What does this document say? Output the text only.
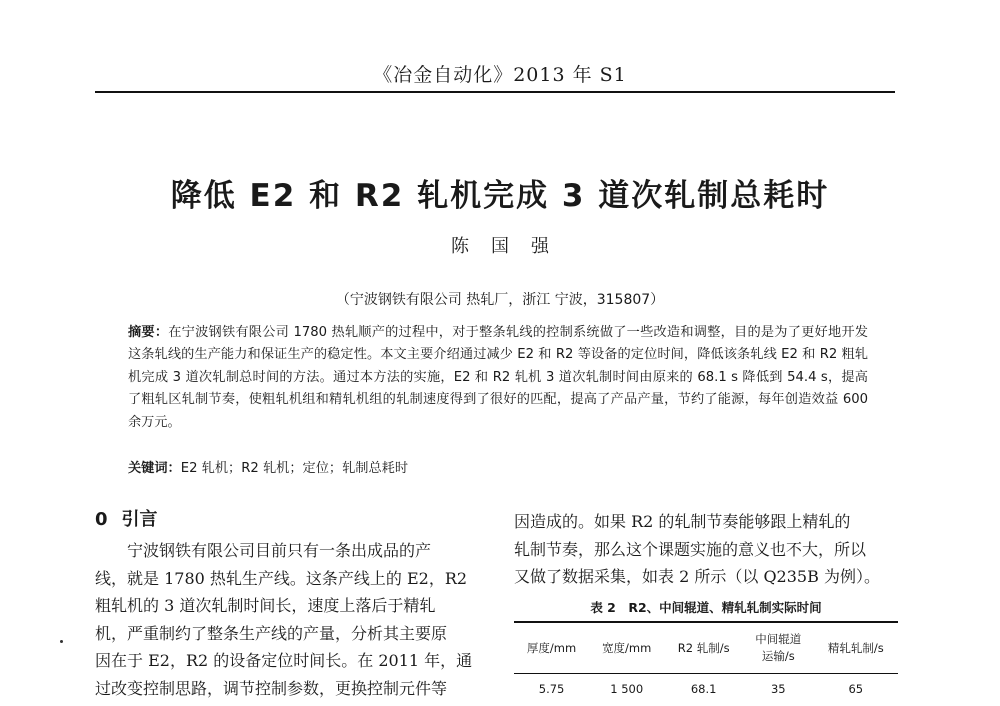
《冶金自动化》2013 年 S1
降低 E2 和 R2 轧机完成 3 道次轧制总耗时
陈国强
（宁波钢铁有限公司 热轧厂，浙江 宁波，315807）
摘要：在宁波钢铁有限公司 1780 热轧顺产的过程中，对于整条轧线的控制系统做了一些改造和调整，目的是为了更好地开发这条轧线的生产能力和保证生产的稳定性。本文主要介绍通过减少 E2 和 R2 等设备的定位时间，降低该条轧线 E2 和 R2 粗轧机完成 3 道次轧制总时间的方法。通过本方法的实施，E2 和 R2 轧机 3 道次轧制时间由原来的 68.1 s 降低到 54.4 s，提高了粗轧区轧制节奏，使粗轧机组和精轧机组的轧制速度得到了很好的匹配，提高了产品产量，节约了能源，每年创造效益 600 余万元。
关键词：E2 轧机；R2 轧机；定位；轧制总耗时
0 引言
宁波钢铁有限公司目前只有一条出成品的产
线，就是 1780 热轧生产线。这条产线上的 E2，R2
粗轧机的 3 道次轧制时间长，速度上落后于精轧
机，严重制约了整条生产线的产量，分析其主要原
因在于 E2，R2 的设备定位时间长。在 2011 年，通
过改变控制思路，调节控制参数，更换控制元件等
因造成的。如果 R2 的轧制节奏能够跟上精轧的
轧制节奏，那么这个课题实施的意义也不大，所以
又做了数据采集，如表 2 所示（以 Q235B 为例）。
表 2　R2、中间辊道、精轧轧制实际时间
厚度/mm	宽度/mm	R2 轧制/s	中间辊道
运输/s	精轧轧制/s
5.75	1 500	68.1	35	65
